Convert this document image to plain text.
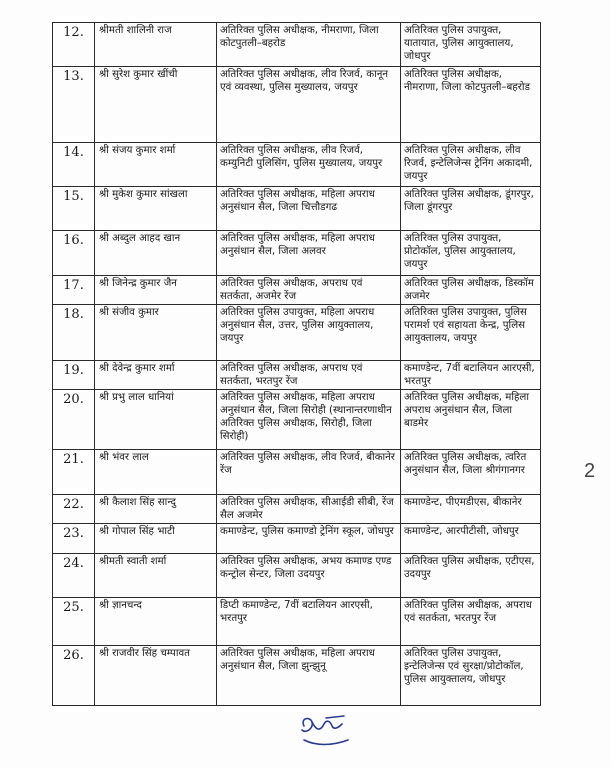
12.	श्रीमती शालिनी राज	अतिरिक्त पुलिस अधीक्षक, नीमराणा, जिला कोटपुतली–बहरोड	अतिरिक्त पुलिस उपायुक्त, यातायात, पुलिस आयुक्तालय, जोधपुर
13.	श्री सुरेश कुमार खींची	अतिरिक्त पुलिस अधीक्षक, लीव रिजर्व, कानून एवं व्यवस्था, पुलिस मुख्यालय, जयपुर	अतिरिक्त पुलिस अधीक्षक, नीमराणा, जिला कोटपुतली–बहरोड
14.	श्री संजय कुमार शर्मा	अतिरिक्त पुलिस अधीक्षक, लीव रिजर्व, कम्युनिटी पुलिसिंग, पुलिस मुख्यालय, जयपुर	अतिरिक्त पुलिस अधीक्षक, लीव रिजर्व, इन्टेलिजेन्स ट्रेनिंग अकादमी, जयपुर
15.	श्री मुकेश कुमार सांखला	अतिरिक्त पुलिस अधीक्षक, महिला अपराध अनुसंधान सैल, जिला चित्तौडगढ	अतिरिक्त पुलिस अधीक्षक, डूंगरपुर, जिला डूंगरपुर
16.	श्री अब्दुल आहद खान	अतिरिक्त पुलिस अधीक्षक, महिला अपराध अनुसंधान सैल, जिला अलवर	अतिरिक्त पुलिस उपायुक्त, प्रोटोकॉल, पुलिस आयुक्तालय, जयपुर
17.	श्री जिनेन्द्र कुमार जैन	अतिरिक्त पुलिस अधीक्षक, अपराध एवं सतर्कता, अजमेर रेंज	अतिरिक्त पुलिस अधीक्षक, डिस्कॉम अजमेर
18.	श्री संजीव कुमार	अतिरिक्त पुलिस उपायुक्त, महिला अपराध अनुसंधान सैल, उत्तर, पुलिस आयुक्तालय, जयपुर	अतिरिक्त पुलिस उपायुक्त, पुलिस परामर्श एवं सहायता केन्द्र, पुलिस आयुक्तालय, जयपुर
19.	श्री देवेन्द्र कुमार शर्मा	अतिरिक्त पुलिस अधीक्षक, अपराध एवं सतर्कता, भरतपुर रेंज	कमाण्डेन्ट, 7वीं बटालियन आरएसी, भरतपुर
20.	श्री प्रभु लाल धानियां	अतिरिक्त पुलिस अधीक्षक, महिला अपराध अनुसंधान सैल, जिला सिरोही (स्थानान्तरणाधीन अतिरिक्त पुलिस अधीक्षक, सिरोही, जिला सिरोही)	अतिरिक्त पुलिस अधीक्षक, महिला अपराध अनुसंधान सैल, जिला बाडमेर
21.	श्री भंवर लाल	अतिरिक्त पुलिस अधीक्षक, लीव रिजर्व, बीकानेर रेंज	अतिरिक्त पुलिस अधीक्षक, त्वरित अनुसंधान सैल, जिला श्रीगंगानगर
22.	श्री कैलाश सिंह सान्दु	अतिरिक्त पुलिस अधीक्षक, सीआईडी सीबी, रेंज सैल अजमेर	कमाण्डेन्ट, पीएमडीएस, बीकानेर
23.	श्री गोपाल सिंह भाटी	कमाण्डेन्ट, पुलिस कमाण्डो ट्रेनिंग स्कूल, जोधपुर	कमाण्डेन्ट, आरपीटीसी, जोधपुर
24.	श्रीमती स्वाती शर्मा	अतिरिक्त पुलिस अधीक्षक, अभय कमाण्ड एण्ड कन्ट्रोल सेन्टर, जिला उदयपुर	अतिरिक्त पुलिस अधीक्षक, एटीएस, उदयपुर
25.	श्री ज्ञानचन्द	डिप्टी कमाण्डेन्ट, 7वीं बटालियन आरएसी, भरतपुर	अतिरिक्त पुलिस अधीक्षक, अपराध एवं सतर्कता, भरतपुर रेंज
26.	श्री राजवीर सिंह चम्पावत	अतिरिक्त पुलिस अधीक्षक, महिला अपराध अनुसंधान सैल, जिला झुन्झुनू	अतिरिक्त पुलिस उपायुक्त, इन्टेलिजेन्स एवं सुरक्षा/प्रोटोकॉल, पुलिस आयुक्तालय, जोधपुर
2
